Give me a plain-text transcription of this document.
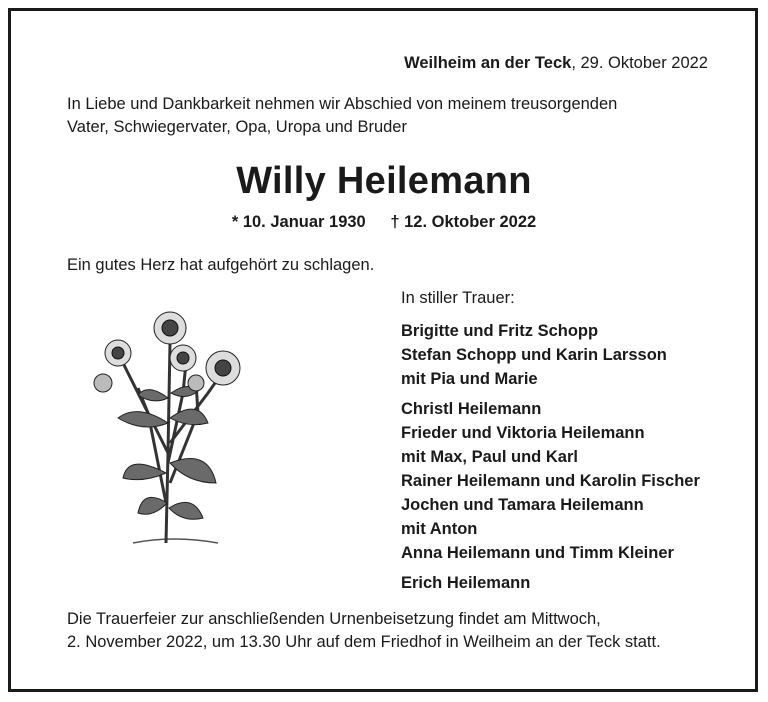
Weilheim an der Teck, 29. Oktober 2022
In Liebe und Dankbarkeit nehmen wir Abschied von meinem treusorgenden
Vater, Schwiegervater, Opa, Uropa und Bruder
Willy Heilemann
* 10. Januar 1930 † 12. Oktober 2022
Ein gutes Herz hat aufgehört zu schlagen.
In stiller Trauer:
Brigitte und Fritz Schopp
Stefan Schopp und Karin Larsson
mit Pia und Marie
Christl Heilemann
Frieder und Viktoria Heilemann
mit Max, Paul und Karl
Rainer Heilemann und Karolin Fischer
Jochen und Tamara Heilemann
mit Anton
Anna Heilemann und Timm Kleiner
Erich Heilemann
Die Trauerfeier zur anschließenden Urnenbeisetzung findet am Mittwoch,
2. November 2022, um 13.30 Uhr auf dem Friedhof in Weilheim an der Teck statt.
